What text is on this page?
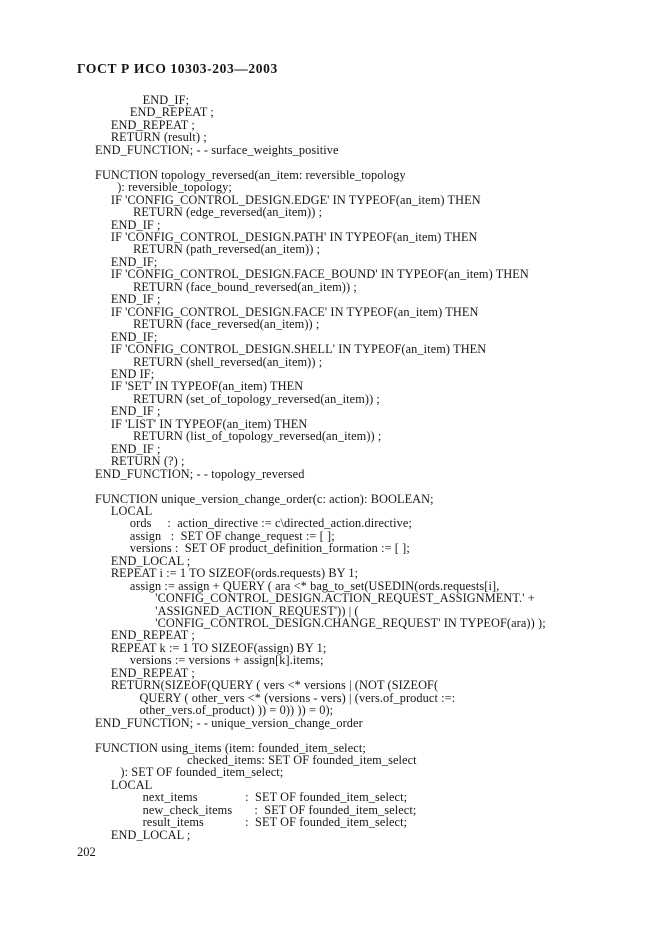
ГОСТ Р ИСО 10303-203—2003
END_IF;
END_REPEAT ;
END_REPEAT ;
RETURN (result) ;
END_FUNCTION; - - surface_weights_positive

FUNCTION topology_reversed(an_item: reversible_topology
): reversible_topology;
IF 'CONFIG_CONTROL_DESIGN.EDGE' IN TYPEOF(an_item) THEN
RETURN (edge_reversed(an_item)) ;
END_IF ;
IF 'CONFIG_CONTROL_DESIGN.PATH' IN TYPEOF(an_item) THEN
RETURN (path_reversed(an_item)) ;
END_IF;
IF 'CONFIG_CONTROL_DESIGN.FACE_BOUND' IN TYPEOF(an_item) THEN
RETURN (face_bound_reversed(an_item)) ;
END_IF ;
IF 'CONFIG_CONTROL_DESIGN.FACE' IN TYPEOF(an_item) THEN
RETURN (face_reversed(an_item)) ;
END_IF;
IF 'CONFIG_CONTROL_DESIGN.SHELL' IN TYPEOF(an_item) THEN
RETURN (shell_reversed(an_item)) ;
END IF;
IF 'SET' IN TYPEOF(an_item) THEN
RETURN (set_of_topology_reversed(an_item)) ;
END_IF ;
IF 'LIST' IN TYPEOF(an_item) THEN
RETURN (list_of_topology_reversed(an_item)) ;
END_IF ;
RETURN (?) ;
END_FUNCTION; - - topology_reversed

FUNCTION unique_version_change_order(c: action): BOOLEAN;
LOCAL
ords     :  action_directive := c\directed_action.directive;
assign   :  SET OF change_request := [ ];
versions :  SET OF product_definition_formation := [ ];
END_LOCAL ;
REPEAT i := 1 TO SIZEOF(ords.requests) BY 1;
assign := assign + QUERY ( ara <* bag_to_set(USEDIN(ords.requests[i],
'CONFIG_CONTROL_DESIGN.ACTION_REQUEST_ASSIGNMENT.' +
'ASSIGNED_ACTION_REQUEST')) | (
'CONFIG_CONTROL_DESIGN.CHANGE_REQUEST' IN TYPEOF(ara)) );
END_REPEAT ;
REPEAT k := 1 TO SIZEOF(assign) BY 1;
versions := versions + assign[k].items;
END_REPEAT ;
RETURN(SIZEOF(QUERY ( vers <* versions | (NOT (SIZEOF(
QUERY ( other_vers <* (versions - vers) | (vers.of_product :=:
other_vers.of_product) )) = 0)) )) = 0);
END_FUNCTION; - - unique_version_change_order

FUNCTION using_items (item: founded_item_select;
checked_items: SET OF founded_item_select
): SET OF founded_item_select;
LOCAL
next_items               :  SET OF founded_item_select;
new_check_items       :  SET OF founded_item_select;
result_items             :  SET OF founded_item_select;
END_LOCAL ;
202
